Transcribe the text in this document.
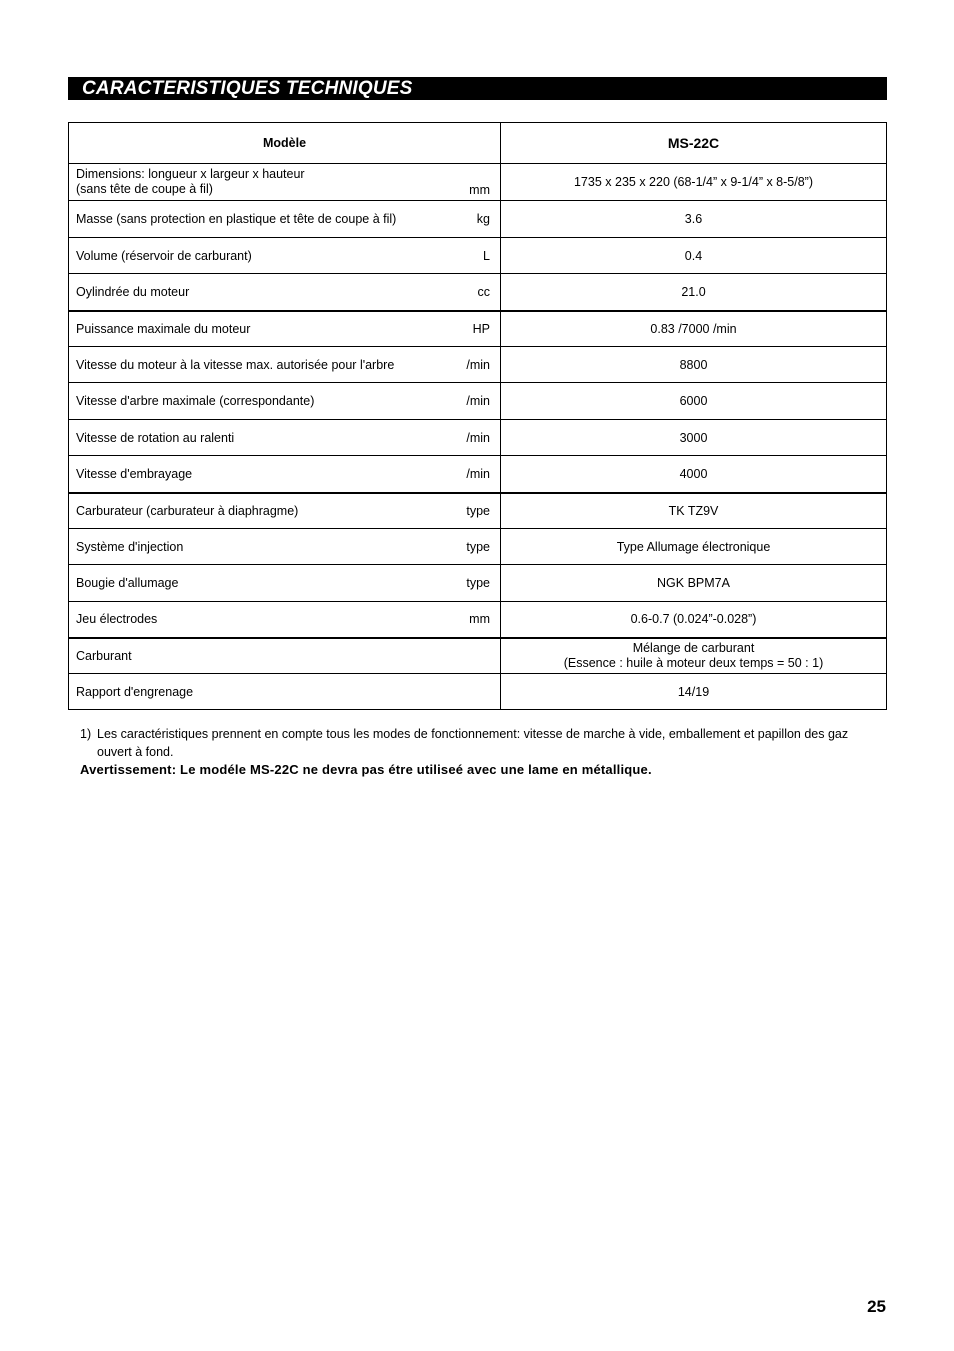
CARACTERISTIQUES TECHNIQUES
Modèle	MS-22C

Dimensions: longueur x largeur x hauteur
(sans tête de coupe à fil) mm	1735 x 235 x 220 (68-1/4” x 9-1/4” x 8-5/8”)

Masse (sans protection en plastique et tête de coupe à fil) kg	3.6

Volume (réservoir de carburant) L	0.4

Oylindrée du moteur cc	21.0

Puissance maximale du moteur HP	0.83 /7000 /min

Vitesse du moteur à la vitesse max. autorisée pour l'arbre /min	8800

Vitesse d'arbre maximale (correspondante) /min	6000

Vitesse de rotation au ralenti /min	3000

Vitesse d'embrayage /min	4000

Carburateur (carburateur à diaphragme) type	TK TZ9V

Système d'injection type	Type Allumage électronique

Bougie d'allumage type	NGK BPM7A

Jeu électrodes mm	0.6-0.7 (0.024”-0.028”)

Carburant	Mélange de carburant
(Essence : huile à moteur deux temps = 50 : 1)

Rapport d'engrenage	14/19
1) Les caractéristiques prennent en compte tous les modes de fonctionnement: vitesse de marche à vide, emballement et papillon des gaz ouvert à fond.
Avertissement: Le modéle MS-22C ne devra pas étre utiliseé avec une lame en métallique.
25
